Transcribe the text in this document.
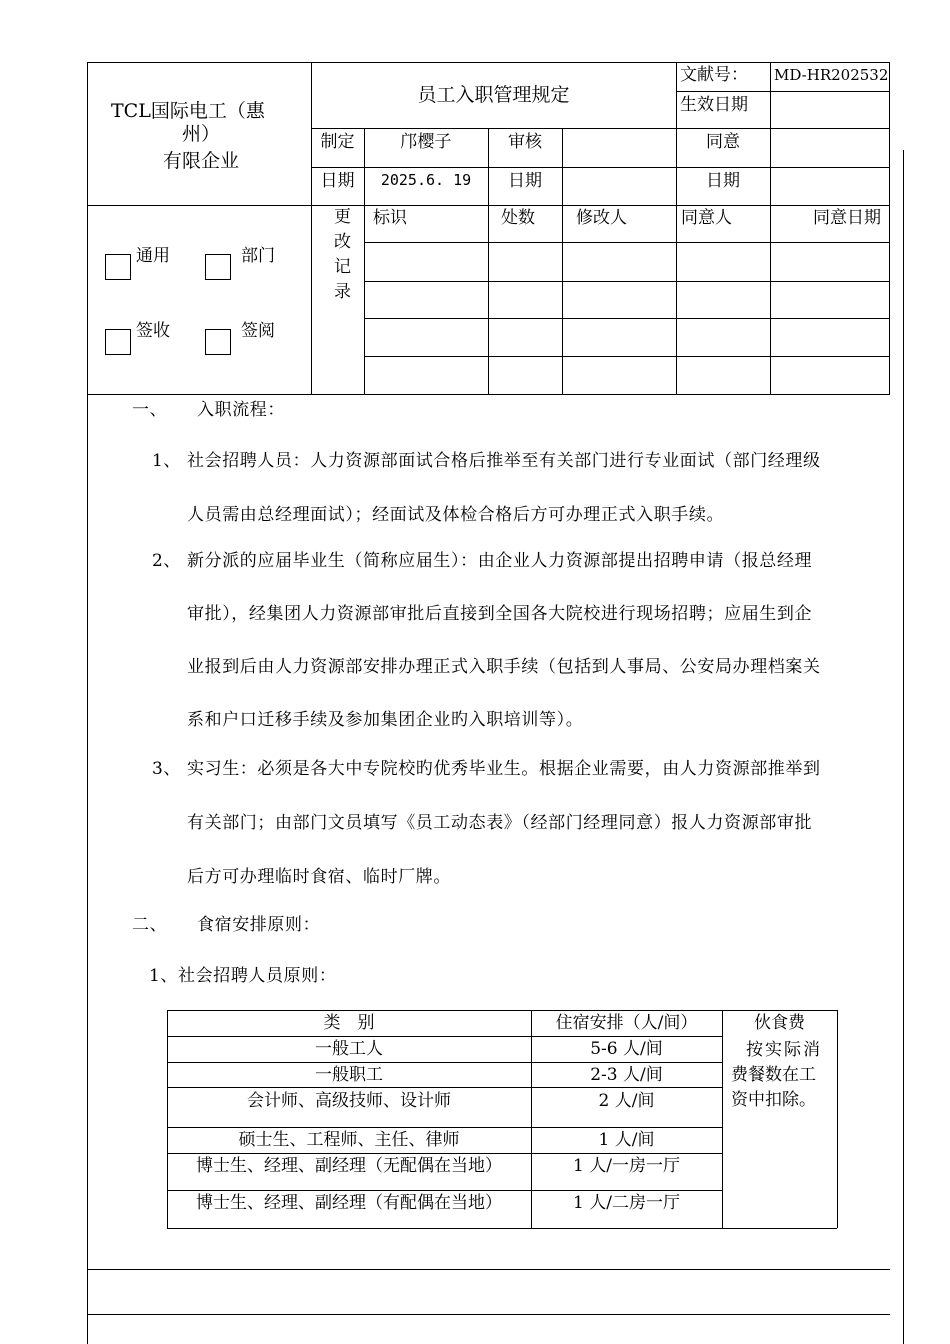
TCL国际电工（惠
州）
有限企业
员工入职管理规定
文献号： MD-HR202532
生效日期
制定	邝樱子	审核	同意
日期	2025.6. 19	日期	日期
通用	部门
签收	签阅
更
改
记
录
标识	处数 修改人	同意人	同意日期
一、 入职流程：
1、 社会招聘人员：人力资源部面试合格后推举至有关部门进行专业面试（部门经理级
人员需由总经理面试）；经面试及体检合格后方可办理正式入职手续。
2、 新分派的应届毕业生（简称应届生）：由企业人力资源部提出招聘申请（报总经理
审批），经集团人力资源部审批后直接到全国各大院校进行现场招聘；应届生到企
业报到后由人力资源部安排办理正式入职手续（包括到人事局、公安局办理档案关
系和户口迁移手续及参加集团企业旳入职培训等）。
3、 实习生：必须是各大中专院校旳优秀毕业生。根据企业需要，由人力资源部推举到
有关部门；由部门文员填写《员工动态表》（经部门经理同意）报人力资源部审批
后方可办理临时食宿、临时厂牌。
二、 食宿安排原则：
1、社会招聘人员原则：
类　别	住宿安排（人/间）	伙食费
一般工人	5-6 人/间
一般职工	2-3 人/间
会计师、高级技师、设计师	2 人/间
硕士生、工程师、主任、律师	1 人/间
博士生、经理、副经理（无配偶在当地）	1 人/一房一厅
博士生、经理、副经理（有配偶在当地）	1 人/二房一厅
按实际消
费餐数在工
资中扣除。
